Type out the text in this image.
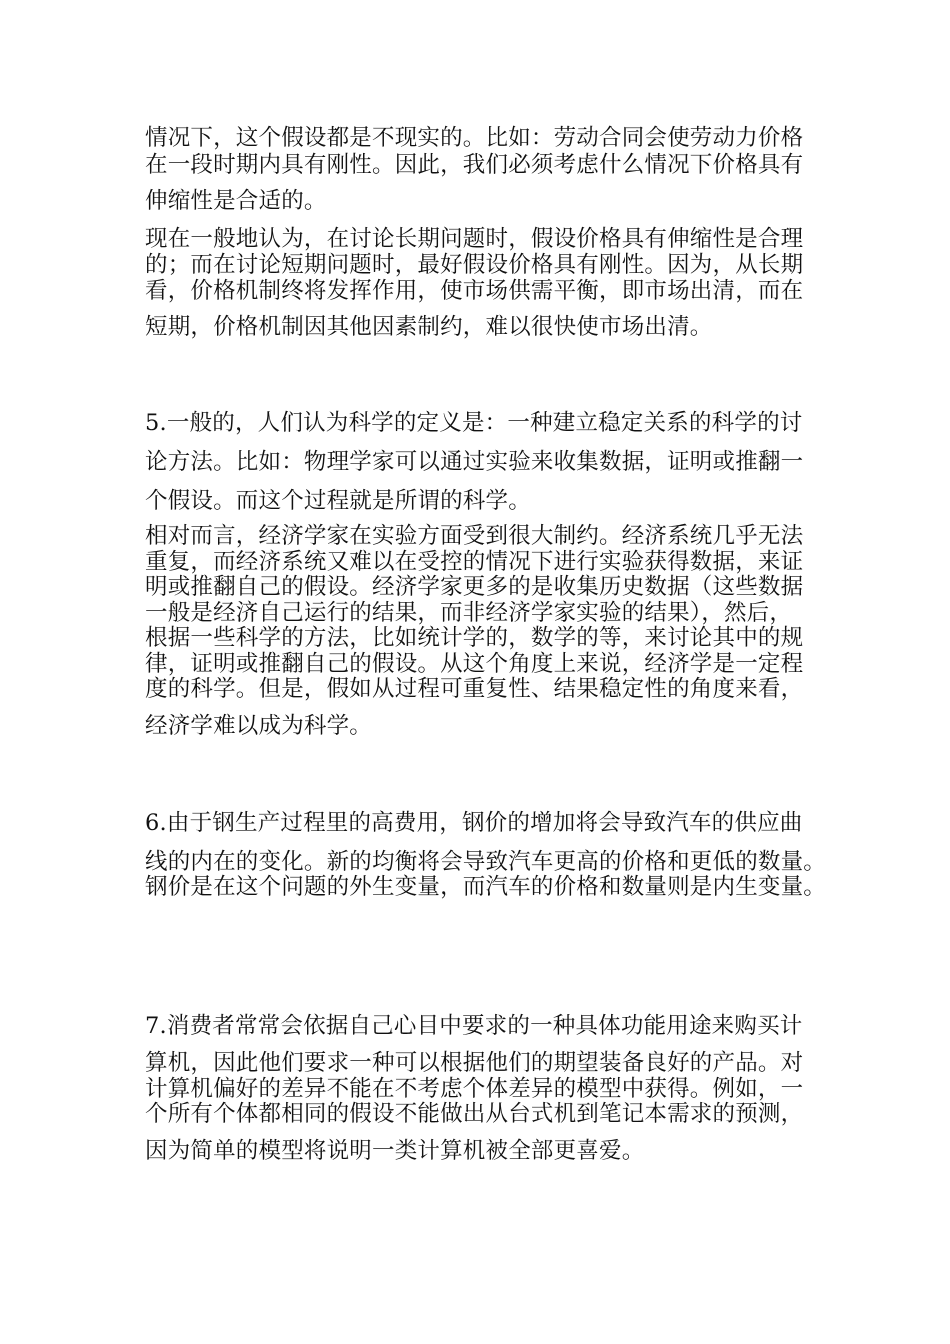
情况下，这个假设都是不现实的。比如：劳动合同会使劳动力价格
在一段时期内具有刚性。因此，我们必须考虑什么情况下价格具有
伸缩性是合适的。
现在一般地认为，在讨论长期问题时，假设价格具有伸缩性是合理
的；而在讨论短期问题时，最好假设价格具有刚性。因为，从长期
看，价格机制终将发挥作用，使市场供需平衡，即市场出清，而在
短期，价格机制因其他因素制约，难以很快使市场出清。
5.一般的，人们认为科学的定义是：一种建立稳定关系的科学的讨
论方法。比如：物理学家可以通过实验来收集数据，证明或推翻一
个假设。而这个过程就是所谓的科学。
相对而言，经济学家在实验方面受到很大制约。经济系统几乎无法
重复，而经济系统又难以在受控的情况下进行实验获得数据，来证
明或推翻自己的假设。经济学家更多的是收集历史数据（这些数据
一般是经济自己运行的结果，而非经济学家实验的结果），然后，
根据一些科学的方法，比如统计学的，数学的等，来讨论其中的规
律，证明或推翻自己的假设。从这个角度上来说，经济学是一定程
度的科学。但是，假如从过程可重复性、结果稳定性的角度来看，
经济学难以成为科学。
6.由于钢生产过程里的高费用，钢价的增加将会导致汽车的供应曲
线的内在的变化。新的均衡将会导致汽车更高的价格和更低的数量。
钢价是在这个问题的外生变量，而汽车的价格和数量则是内生变量。
7.消费者常常会依据自己心目中要求的一种具体功能用途来购买计
算机，因此他们要求一种可以根据他们的期望装备良好的产品。对
计算机偏好的差异不能在不考虑个体差异的模型中获得。例如，一
个所有个体都相同的假设不能做出从台式机到笔记本需求的预测，
因为简单的模型将说明一类计算机被全部更喜爱。
